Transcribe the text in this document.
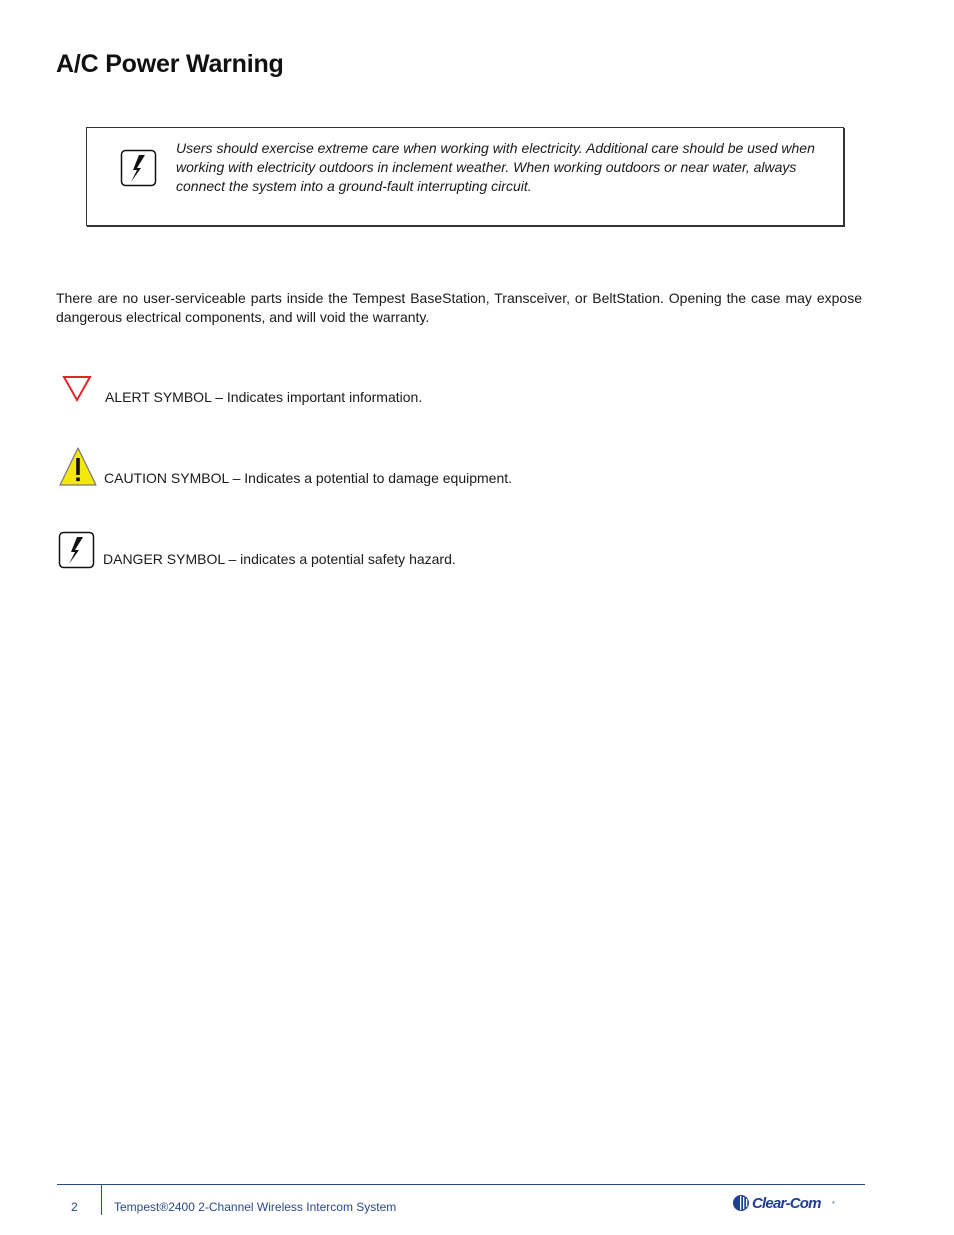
A/C Power Warning

Users should exercise extreme care when working with electricity. Additional care should be used when working with electricity outdoors in inclement weather. When working outdoors or near water, always connect the system into a ground-fault interrupting circuit.

There are no user-serviceable parts inside the Tempest BaseStation, Transceiver, or BeltStation. Opening the case may expose dangerous electrical components, and will void the warranty.

ALERT SYMBOL – Indicates important information.
CAUTION SYMBOL – Indicates a potential to damage equipment.
DANGER SYMBOL – indicates a potential safety hazard.
2	Tempest®2400 2-Channel Wireless Intercom System	Clear-Com	®
